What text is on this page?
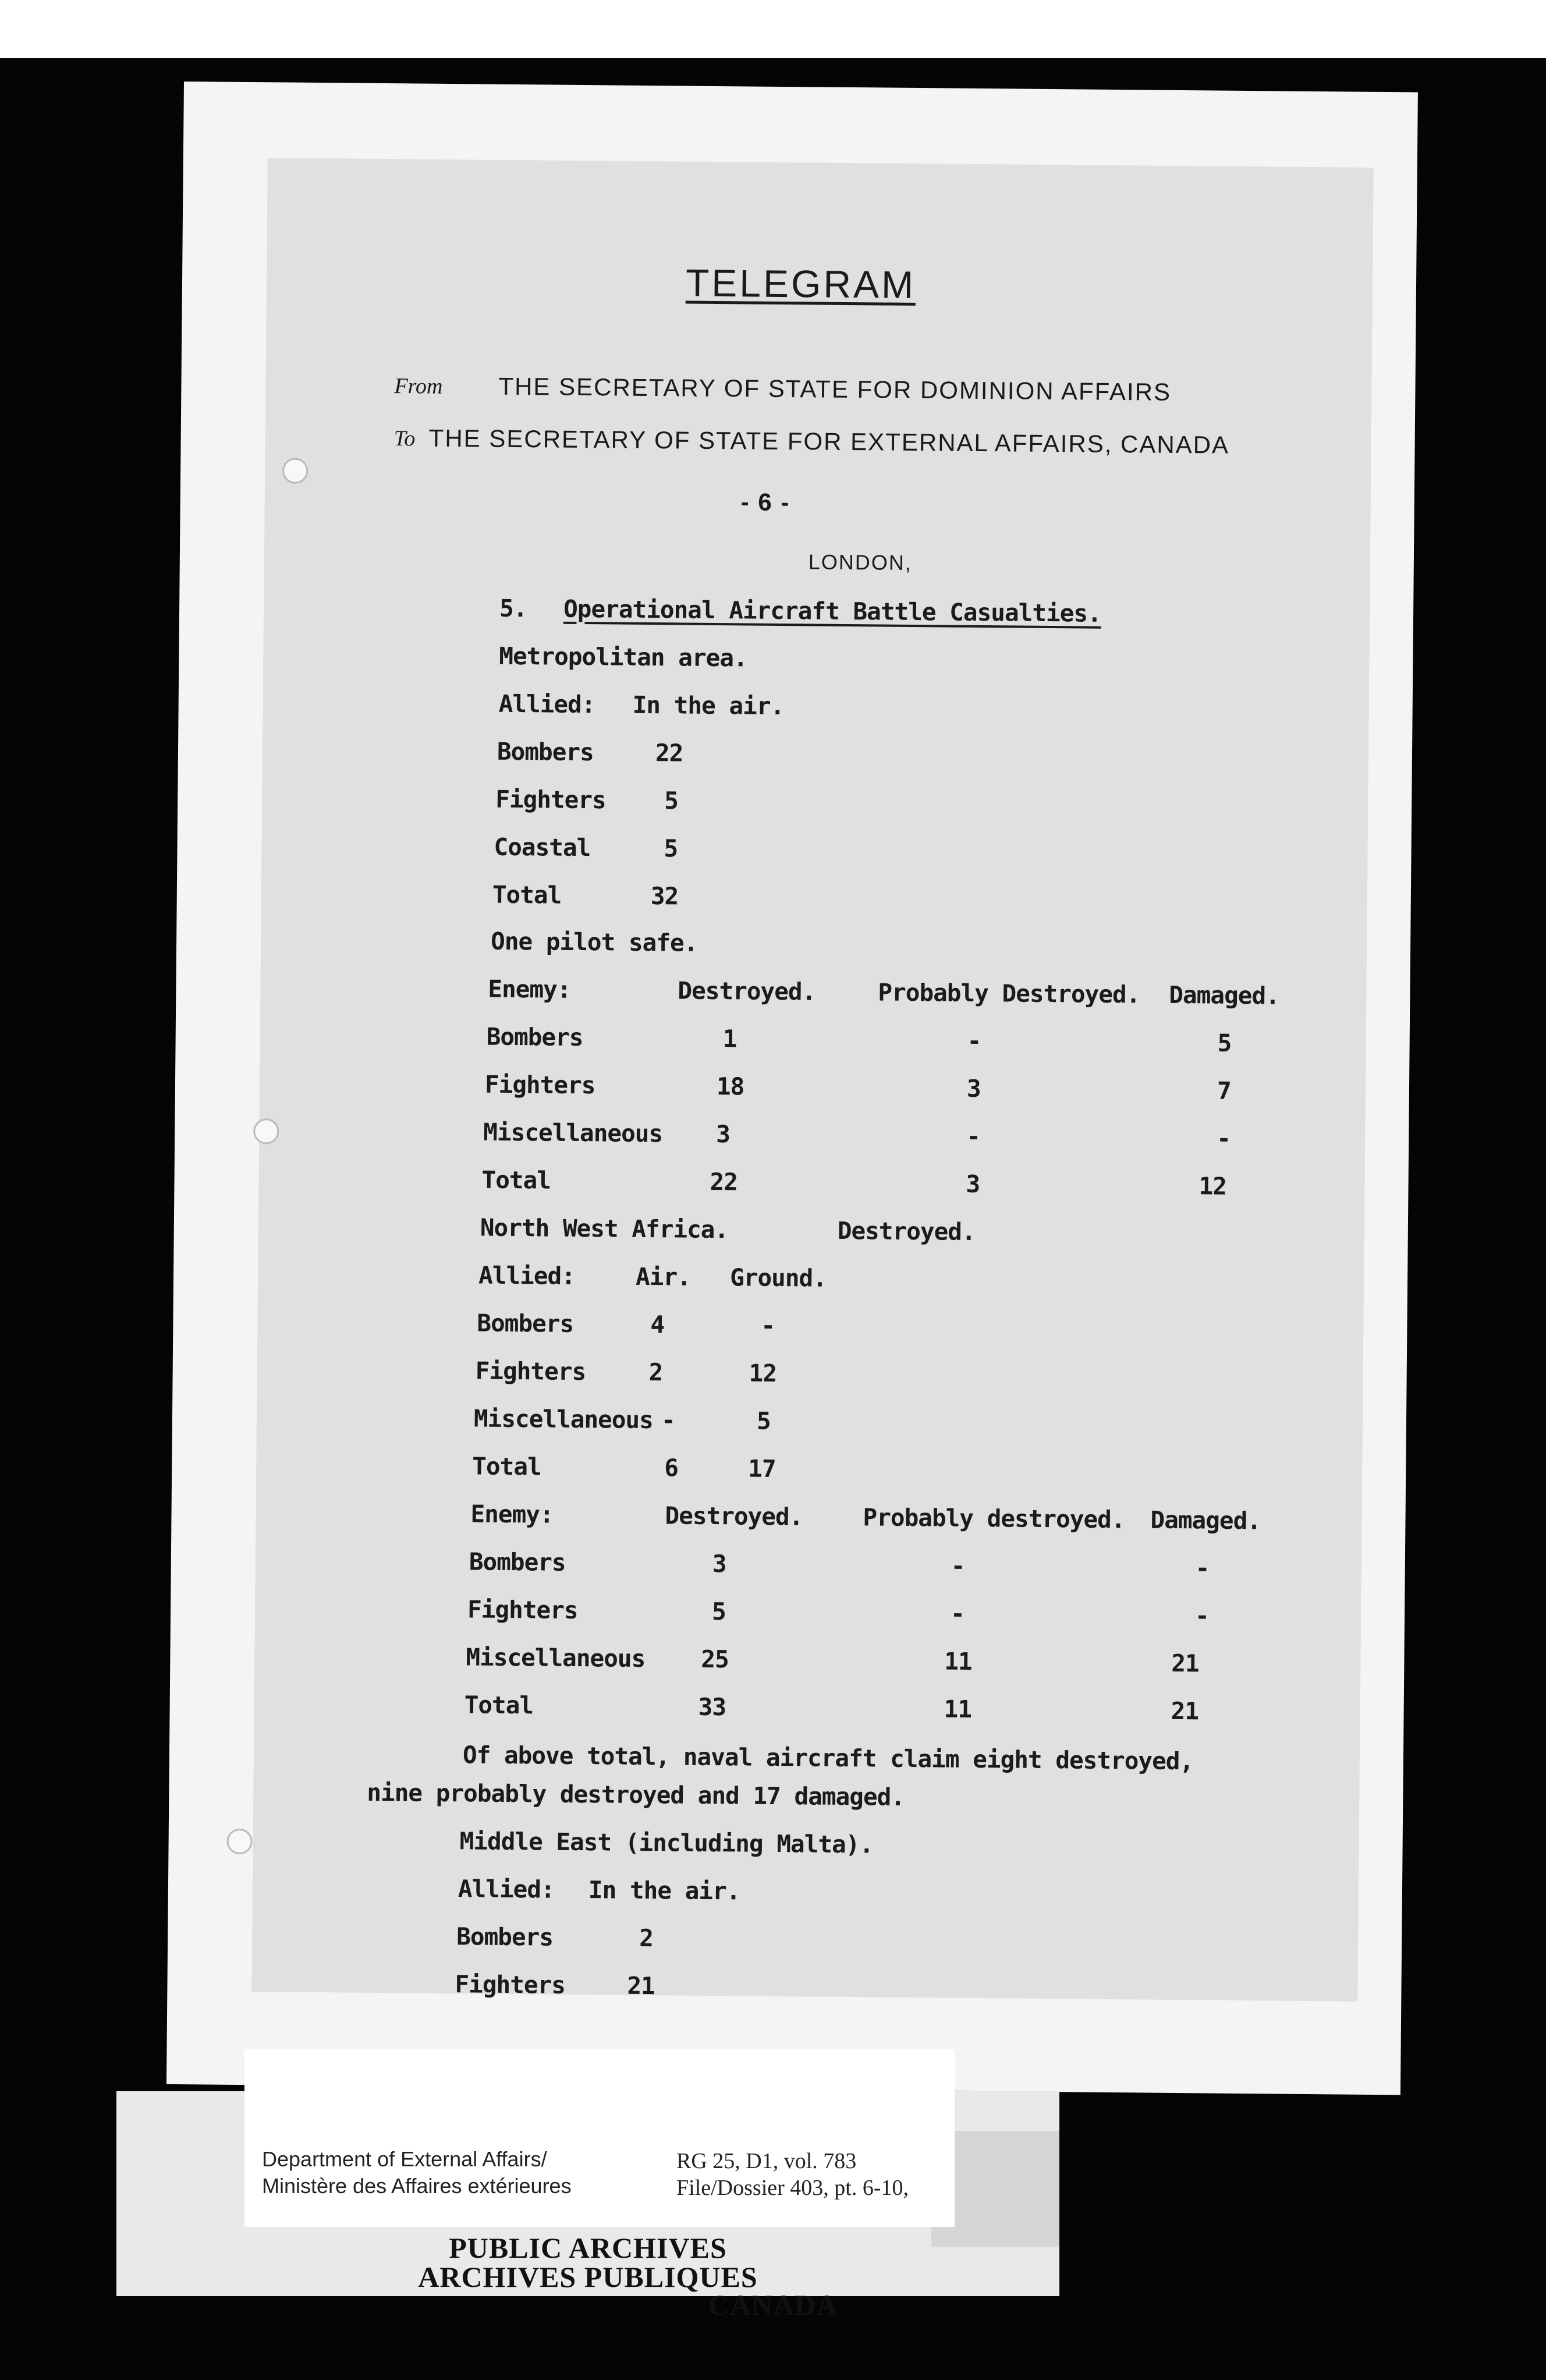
TELEGRAM
From THE SECRETARY OF STATE FOR DOMINION AFFAIRS
To THE SECRETARY OF STATE FOR EXTERNAL AFFAIRS, CANADA
- 6 -
LONDON,
5. Operational Aircraft Battle Casualties.
Metropolitan area.
Allied: In the air.
Bombers	22
Fighters 5
Coastal	5
Total	32
One pilot safe.
Enemy:	Destroyed.	Probably Destroyed. Damaged.
Bombers	1	-	5
Fighters	18	3	7
Miscellaneous 3	-	-
Total	22	3	12
North West Africa.	Destroyed.
Allied:	Air. Ground.
Bombers	4	-
Fighters	2	12
Miscellaneous -	5
Total	6	17
Enemy:	Destroyed.	Probably destroyed. Damaged.
Bombers	3	-	-
Fighters	5	-	-
Miscellaneous 25	11	21
Total	33	11	21
Of above total, naval aircraft claim eight destroyed,
nine probably destroyed and 17 damaged.
Middle East (including Malta).
Allied: In the air.
Bombers	2
Fighters	21
PUBLIC ARCHIVES
ARCHIVES PUBLIQUES
Department of External Affairs/
Ministère des Affaires extérieures
RG 25, D1, vol. 783
File/Dossier 403, pt. 6-10,
CANADA
